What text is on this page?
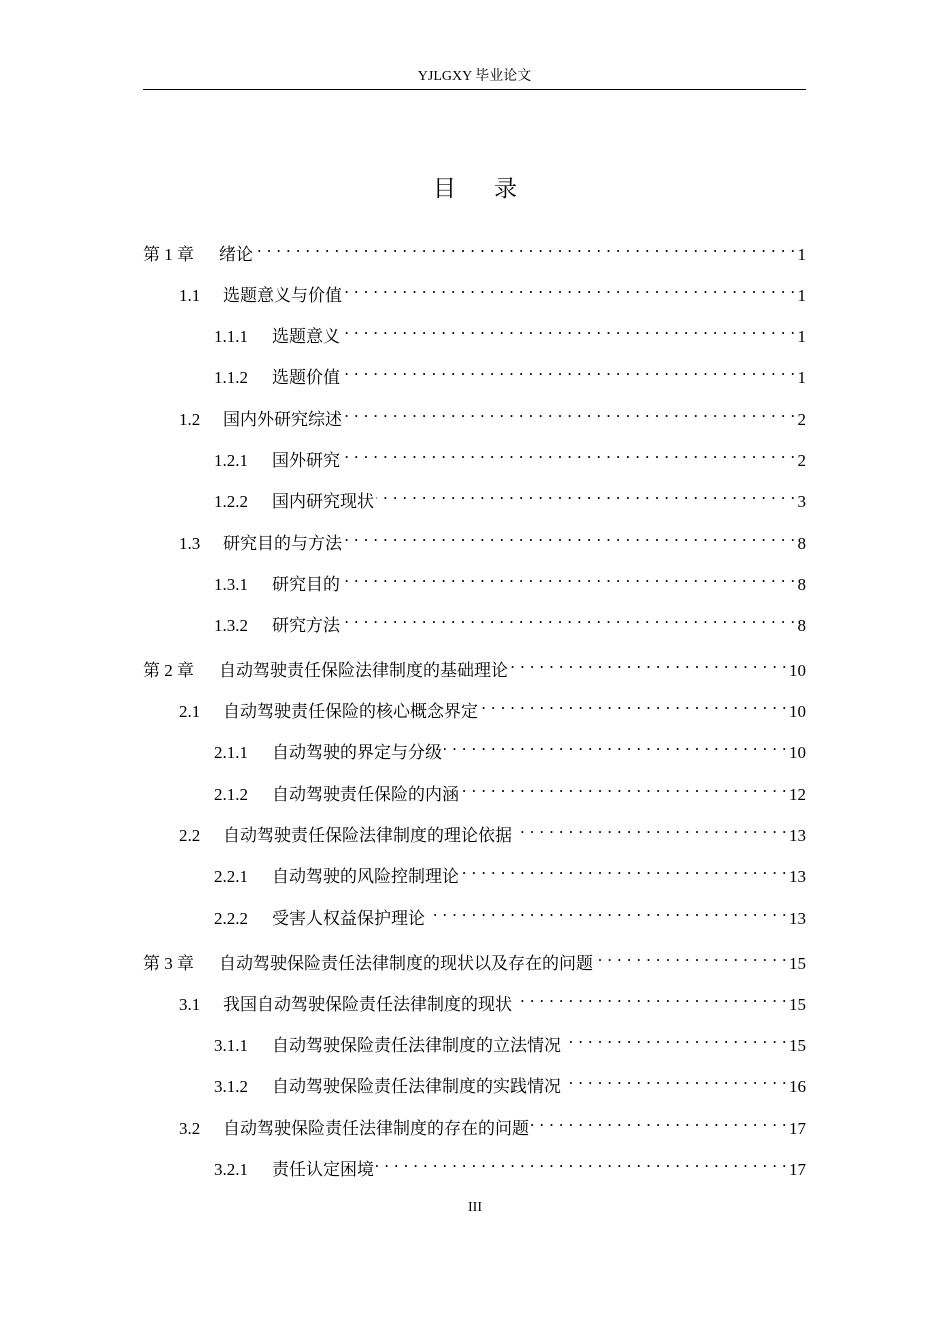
YJLGXY 毕业论文
目 录
第 1 章	绪论 . . .	1
1.1	选题意义与价值 . . .	1
1.1.1	选题意义 . . .	1
1.1.2	选题价值 . . .	1
1.2	国内外研究综述 . . .	2
1.2.1	国外研究 . . .	2
1.2.2	国内研究现状 . . .	3
1.3	研究目的与方法 . . .	8
1.3.1	研究目的 . . .	8
1.3.2	研究方法 . . .	8
第 2 章	自动驾驶责任保险法律制度的基础理论 . . .	10
2.1	自动驾驶责任保险的核心概念界定 . . .	10
2.1.1	自动驾驶的界定与分级 . . .	10
2.1.2	自动驾驶责任保险的内涵 . . .	12
2.2	自动驾驶责任保险法律制度的理论依据 . . .	13
2.2.1	自动驾驶的风险控制理论 . . .	13
2.2.2	受害人权益保护理论 . . .	13
第 3 章	自动驾驶保险责任法律制度的现状以及存在的问题 . . .	15
3.1	我国自动驾驶保险责任法律制度的现状 . . .	15
3.1.1	自动驾驶保险责任法律制度的立法情况 . . .	15
3.1.2	自动驾驶保险责任法律制度的实践情况 . . .	16
3.2	自动驾驶保险责任法律制度的存在的问题 . . .	17
3.2.1	责任认定困境 . . .	17
III
